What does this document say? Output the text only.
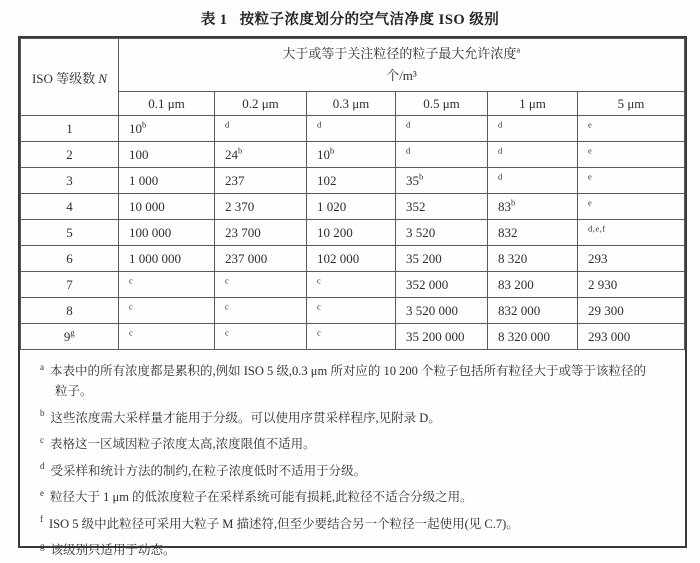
表 1 按粒子浓度划分的空气洁净度 ISO 级别
ISO 等级数 N	大于或等于关注粒径的粒子最大允许浓度$^a$
个/m³					

	0.1 μm	0.2 μm	0.3 μm	0.5 μm	1 μm	5 μm
1	10$^b$	$^d$	$^d$	$^d$	$^d$	$^e$
2	100	24$^b$	10$^b$	$^d$	$^d$	$^e$
3	1 000	237	102	35$^b$	$^d$	$^e$
4	10 000	2 370	1 020	352	83$^b$	$^e$
5	100 000	23 700	10 200	3 520	832	$^{d,e,f}$
6	1 000 000	237 000	102 000	35 200	8 320	293
7	$^c$	$^c$	$^c$	352 000	83 200	2 930
8	$^c$	$^c$	$^c$	3 520 000	832 000	29 300
9$^g$	$^c$	$^c$	$^c$	35 200 000	8 320 000	293 000
$^a$ 本表中的所有浓度都是累积的,例如 ISO 5 级,0.3 μm 所对应的 10 200 个粒子包括所有粒径大于或等于该粒径的粒子。
$^b$ 这些浓度需大采样量才能用于分级。可以使用序贯采样程序,见附录 D。
$^c$ 表格这一区域因粒子浓度太高,浓度限值不适用。
$^d$ 受采样和统计方法的制约,在粒子浓度低时不适用于分级。
$^e$ 粒径大于 1 μm 的低浓度粒子在采样系统可能有损耗,此粒径不适合分级之用。
$^f$ ISO 5 级中此粒径可采用大粒子 M 描述符,但至少要结合另一个粒径一起使用(见 C.7)。
$^g$ 该级别只适用于动态。
